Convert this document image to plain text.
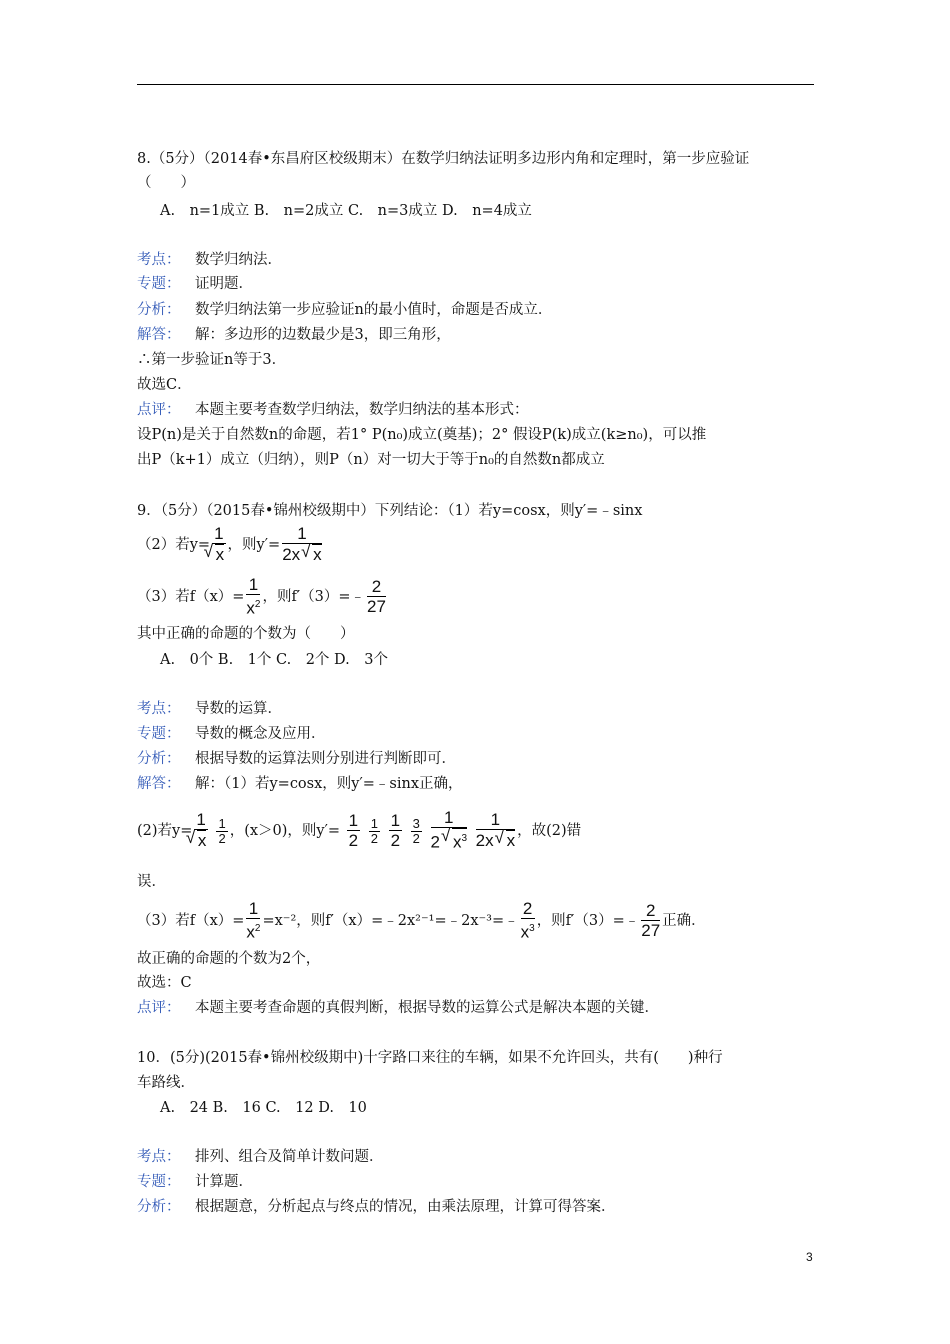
8.（5分）（2014春•东昌府区校级期末）在数学归纳法证明多边形内角和定理时，第一步应验证
（　　）
A.　n=1成立 B.　n=2成立 C.　n=3成立 D.　n=4成立
考点： 数学归纳法．
专题： 证明题．
分析： 数学归纳法第一步应验证n的最小值时，命题是否成立．
解答： 解：多边形的边数最少是3，即三角形，
∴第一步验证n等于3．
故选C．
点评： 本题主要考查数学归纳法，数学归纳法的基本形式：
设P(n)是关于自然数n的命题，若1° P(n₀)成立(奠基)；2° 假设P(k)成立(k≥n₀)，可以推
出P（k+1）成立（归纳），则P（n）对一切大于等于n₀的自然数n都成立
9．（5分）（2015春•锦州校级期中）下列结论：（1）若y=cosx，则y′=﹣sinx
（2）若y= 1
√ x ，则$y'= \frac{1}{2x √ x}$
（3）若$f(x)= \frac{1}{x^2}$ ，则f′（3）=﹣ $\frac{2}{27}$
其中正确的命题的个数为（　　）
A.　0个 B.　1个 C.　2个 D.　3个
考点： 导数的运算．
专题： 导数的概念及应用．
分析： 根据导数的运算法则分别进行判断即可．
解答： 解：（1）若y=cosx，则y′=﹣sinx正确，
(2)若y= 1
√ x
$\frac{1}{2}$ ，(x＞0)，则$y'= \frac{1}{2}$
$\frac{1}{2}$
$\frac{1}{2}$
$\frac{3}{2}$
$\frac{1}{2 √ x^3}$
$\frac{1}{2x √ x}$ ，故(2)错
误．
（3）若$f(x)= \frac{1}{x^2} =x^{-2}$，则f′（x）=﹣2x²⁻¹=﹣2x⁻³=﹣ $\frac{2}{x^3}$ ，则f′（3）=﹣ $\frac{2}{27}$ 正确．
故正确的命题的个数为2个，
故选：C
点评： 本题主要考查命题的真假判断，根据导数的运算公式是解决本题的关键．
10．(5分)(2015春•锦州校级期中)十字路口来往的车辆，如果不允许回头，共有(　　)种行
车路线．
A.　24 B.　16 C.　12 D.　10
考点： 排列、组合及简单计数问题．
专题： 计算题．
分析： 根据题意，分析起点与终点的情况，由乘法原理，计算可得答案．
3
